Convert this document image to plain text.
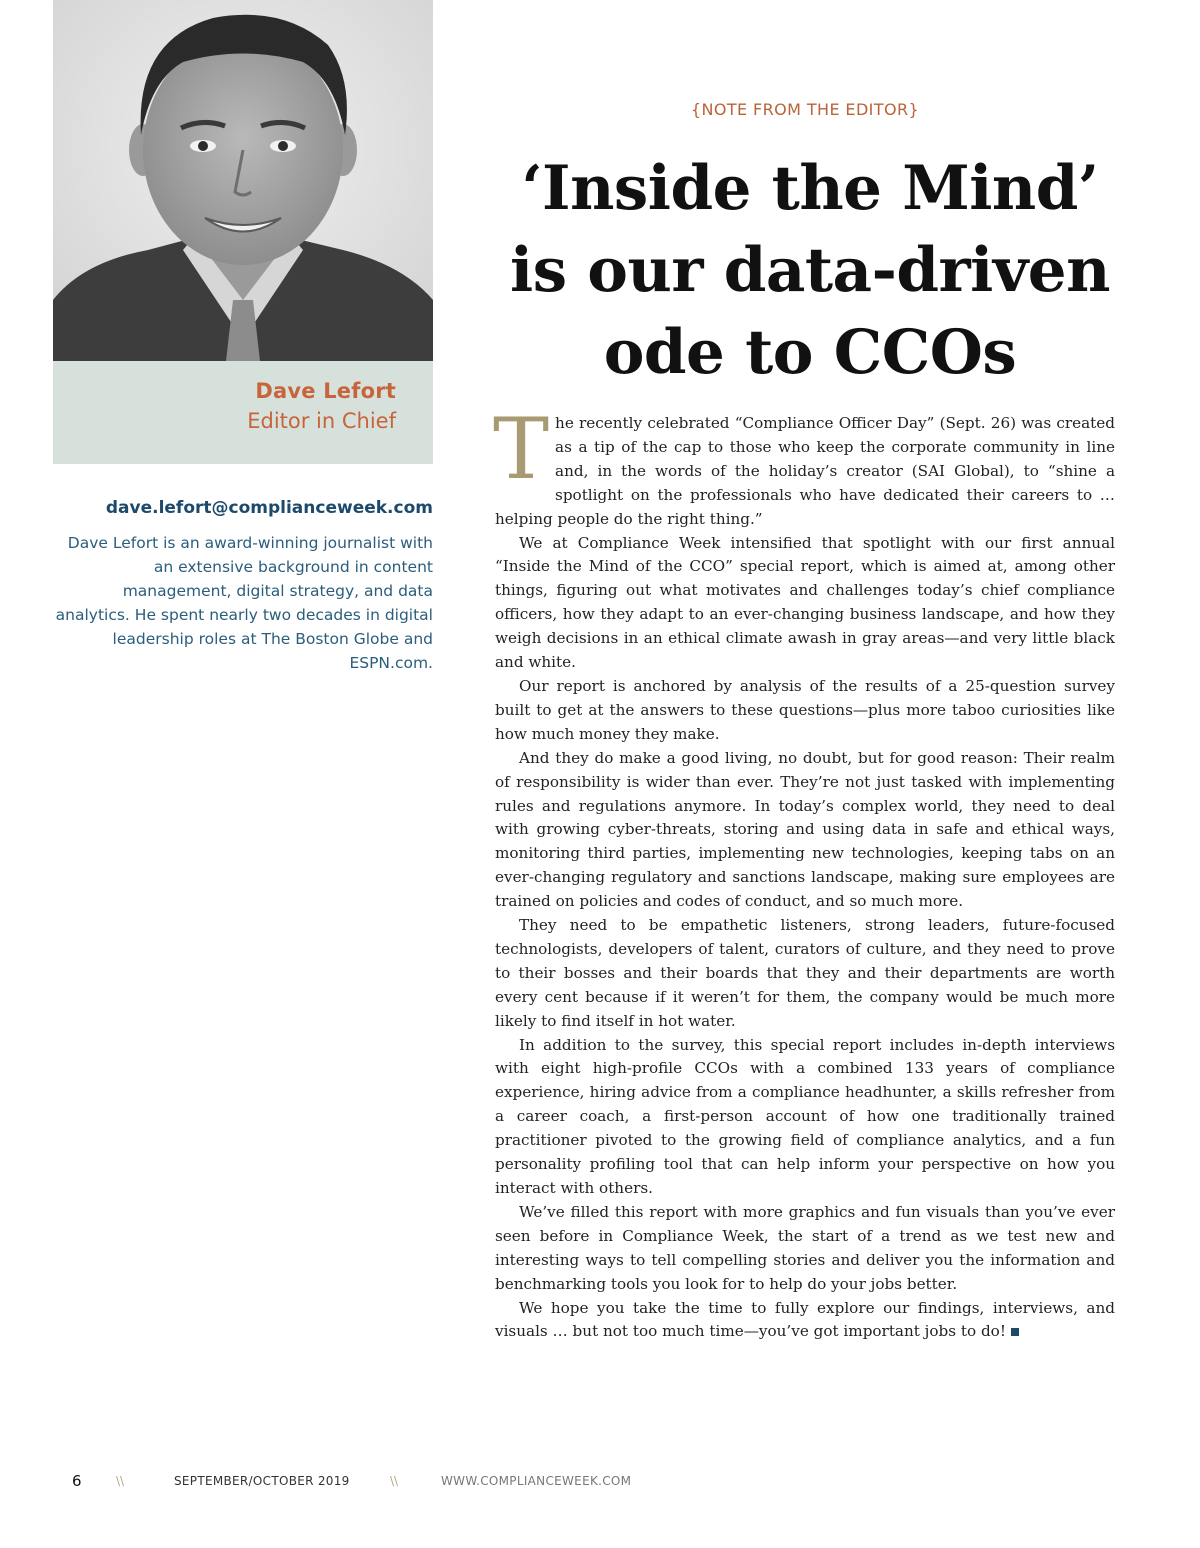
Dave Lefort
Editor in Chief
dave.lefort@complianceweek.com
Dave Lefort is an award-winning journalist with an extensive background in content management, digital strategy, and data analytics. He spent nearly two decades in digital leadership roles at The Boston Globe and ESPN.com.
{NOTE FROM THE EDITOR}
‘Inside the Mind’
is our data-driven
ode to CCOs

The recently celebrated “Compliance Officer Day” (Sept. 26) was created as a tip of the cap to those who keep the corporate community in line and, in the words of the holiday’s creator (SAI Global), to “shine a spotlight on the professionals who have dedicated their careers to … helping people do the right thing.”

We at Compliance Week intensified that spotlight with our first annual “Inside the Mind of the CCO” special report, which is aimed at, among other things, figuring out what motivates and challenges today’s chief compliance officers, how they adapt to an ever-changing business landscape, and how they weigh decisions in an ethical climate awash in gray areas—and very little black and white.

Our report is anchored by analysis of the results of a 25-question survey built to get at the answers to these questions—plus more taboo curiosities like how much money they make.

And they do make a good living, no doubt, but for good reason: Their realm of responsibility is wider than ever. They’re not just tasked with implementing rules and regulations anymore. In today’s complex world, they need to deal with growing cyber-threats, storing and using data in safe and ethical ways, monitoring third parties, implementing new technologies, keeping tabs on an ever-changing regulatory and sanctions landscape, making sure employees are trained on policies and codes of conduct, and so much more.

They need to be empathetic listeners, strong leaders, future-focused technologists, developers of talent, curators of culture, and they need to prove to their bosses and their boards that they and their departments are worth every cent because if it weren’t for them, the company would be much more likely to find itself in hot water.

In addition to the survey, this special report includes in-depth interviews with eight high-profile CCOs with a combined 133 years of compliance experience, hiring advice from a compliance headhunter, a skills refresher from a career coach, a first-person account of how one traditionally trained practitioner pivoted to the growing field of compliance analytics, and a fun personality profiling tool that can help inform your perspective on how you interact with others.

We’ve filled this report with more graphics and fun visuals than you’ve ever seen before in Compliance Week, the start of a trend as we test new and interesting ways to tell compelling stories and deliver you the information and benchmarking tools you look for to help do your jobs better.

We hope you take the time to fully explore our findings, interviews, and visuals … but not too much time—you’ve got important jobs to do!

6	\\	SEPTEMBER/OCTOBER 2019	\\	WWW.COMPLIANCEWEEK.COM
